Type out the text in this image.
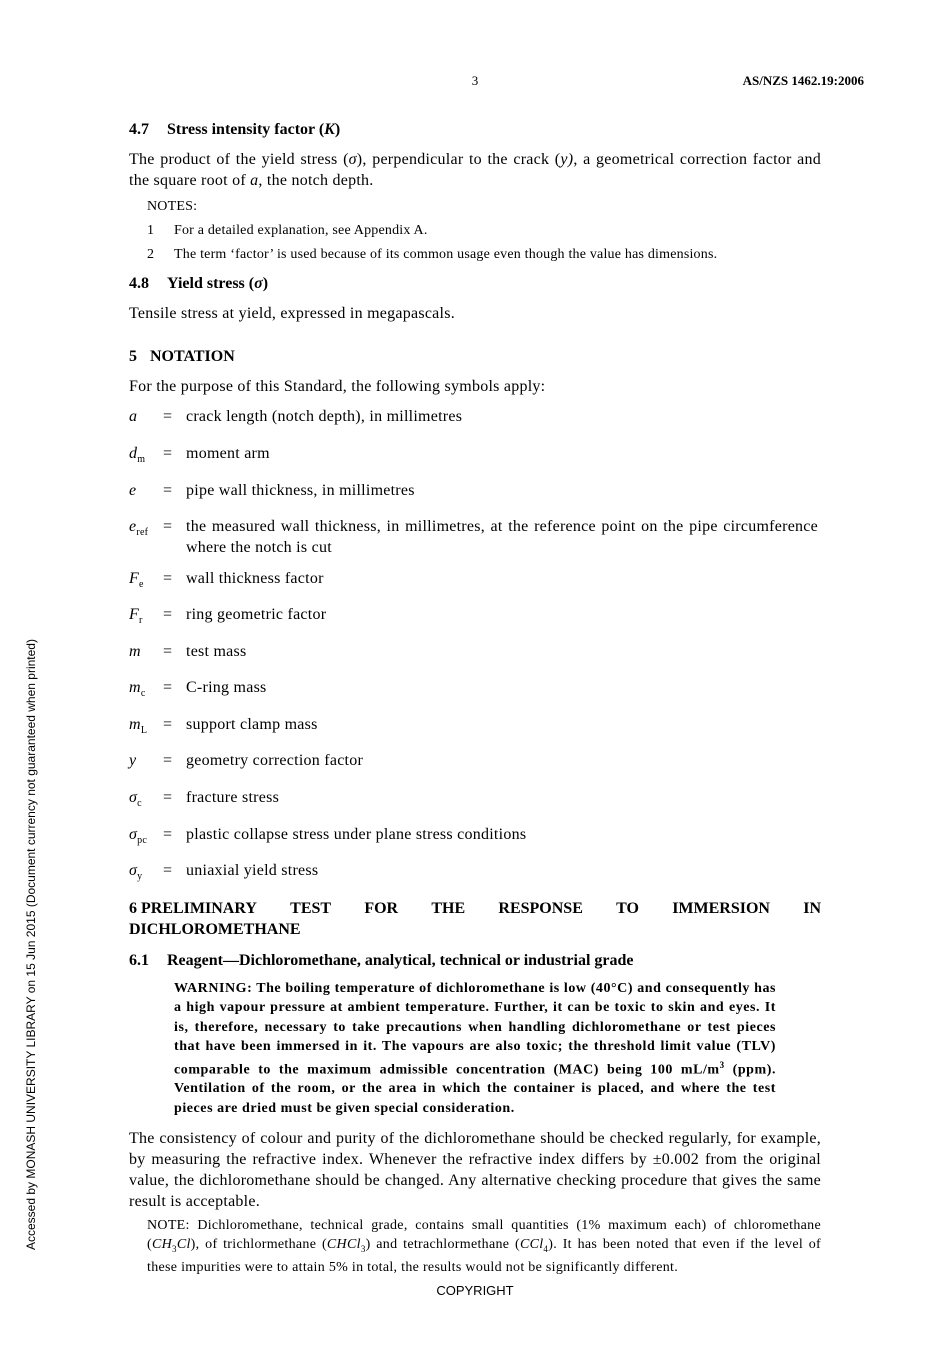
3	AS/NZS 1462.19:2006
Accessed by MONASH UNIVERSITY LIBRARY on 15 Jun 2015 (Document currency not guaranteed when printed)
4.7 Stress intensity factor (K)

The product of the yield stress (σ), perpendicular to the crack (y), a geometrical correction factor and the square root of a, the notch depth.

NOTES:
1	For a detailed explanation, see Appendix A.
2	The term ‘factor’ is used because of its common usage even though the value has dimensions.
4.8 Yield stress (σ)

Tensile stress at yield, expressed in megapascals.

5 NOTATION

For the purpose of this Standard, the following symbols apply:

a	= crack length (notch depth), in millimetres
$d_m$	= moment arm
e	= pipe wall thickness, in millimetres
$e_{ref}$ = the measured wall thickness, in millimetres, at the reference point on the pipe circumference where the notch is cut
$F_e$	= wall thickness factor
$F_r$	= ring geometric factor
m	= test mass
$m_c$	= C-ring mass
$m_L$ = support clamp mass
y	= geometry correction factor
$\sigma_c$	= fracture stress
$\sigma_{pc}$ = plastic collapse stress under plane stress conditions
$\sigma_y$	= uniaxial yield stress
6 PRELIMINARY TEST FOR THE RESPONSE TO IMMERSION IN
DICHLOROMETHANE
6.1 Reagent—Dichloromethane, analytical, technical or industrial grade
WARNING: The boiling temperature of dichloromethane is low (40°C) and consequently has a high vapour pressure at ambient temperature. Further, it can be toxic to skin and eyes. It is, therefore, necessary to take precautions when handling dichloromethane or test pieces that have been immersed in it. The vapours are also toxic; the threshold limit value (TLV) comparable to the maximum admissible concentration (MAC) being 100 $mL/m^3$ (ppm). Ventilation of the room, or the area in which the container is placed, and where the test pieces are dried must be given special consideration.

The consistency of colour and purity of the dichloromethane should be checked regularly, for example, by measuring the refractive index. Whenever the refractive index differs by ±0.002 from the original value, the dichloromethane should be changed. Any alternative checking procedure that gives the same result is acceptable.

NOTE: Dichloromethane, technical grade, contains small quantities (1% maximum each) of chloromethane $(CH_3Cl)$, of trichlormethane (CHCl$_3$) and tetrachlormethane (CCl$_4$). It has been noted that even if the level of these impurities were to attain 5% in total, the results would not be significantly different.
COPYRIGHT
